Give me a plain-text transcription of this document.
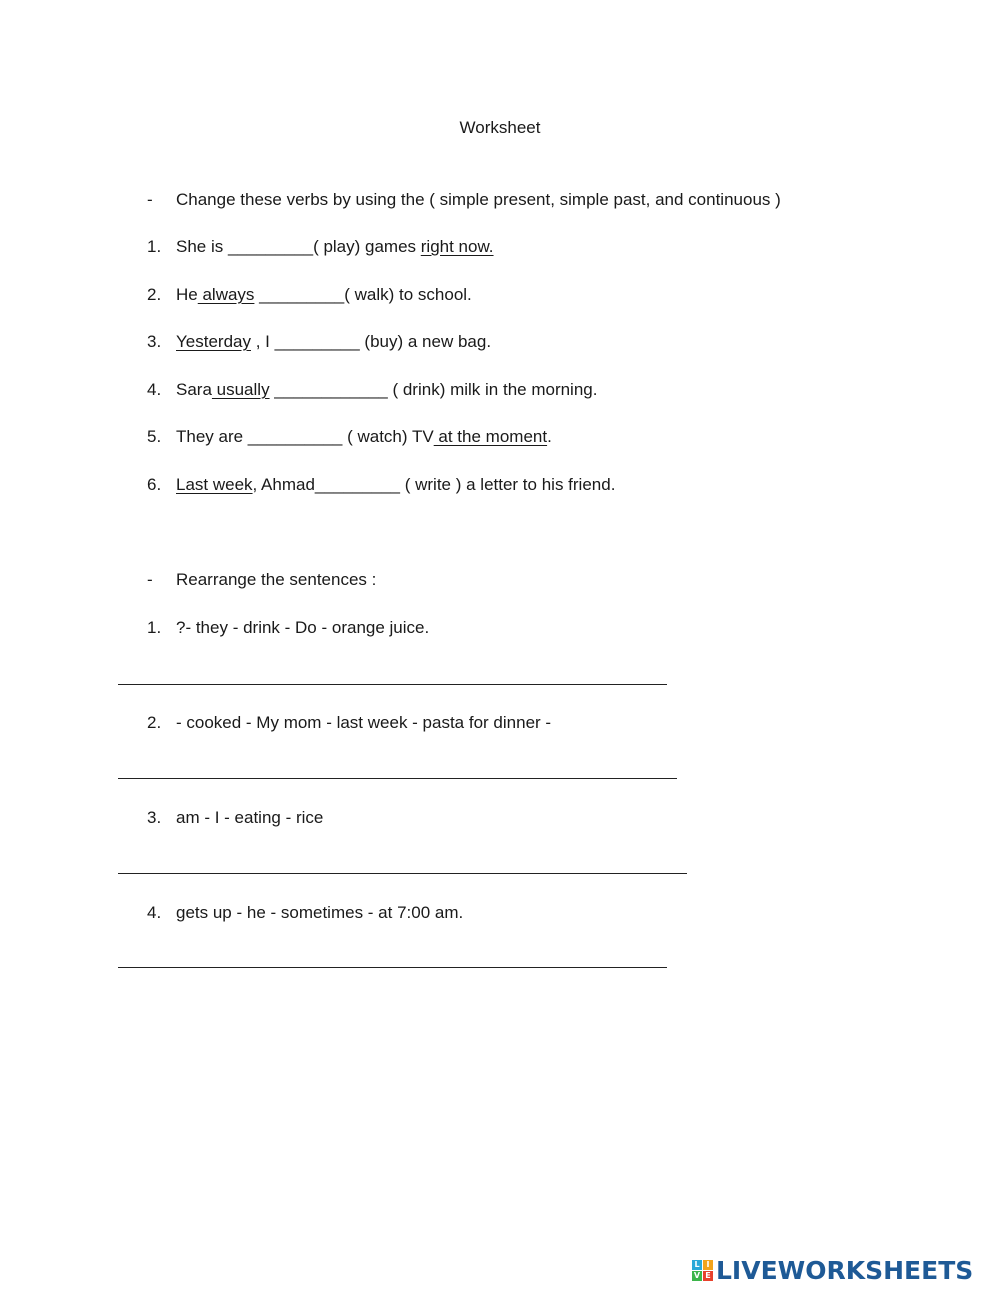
Worksheet
- Change these verbs by using the ( simple present, simple past, and continuous )
1. She is _________( play) games right now.
2. He always _________( walk) to school.
3. Yesterday , I _________ (buy) a new bag.
4. Sara usually ____________ ( drink) milk in the morning.
5. They are __________ ( watch) TV at the moment.
6. Last week, Ahmad_________ ( write ) a letter to his friend.
- Rearrange the sentences :
1. ?- they - drink - Do - orange juice.
2. - cooked - My mom - last week - pasta for dinner -
3. am - I - eating - rice
4. gets up - he - sometimes - at 7:00 am.
L I
V E LIVEWORKSHEETS
